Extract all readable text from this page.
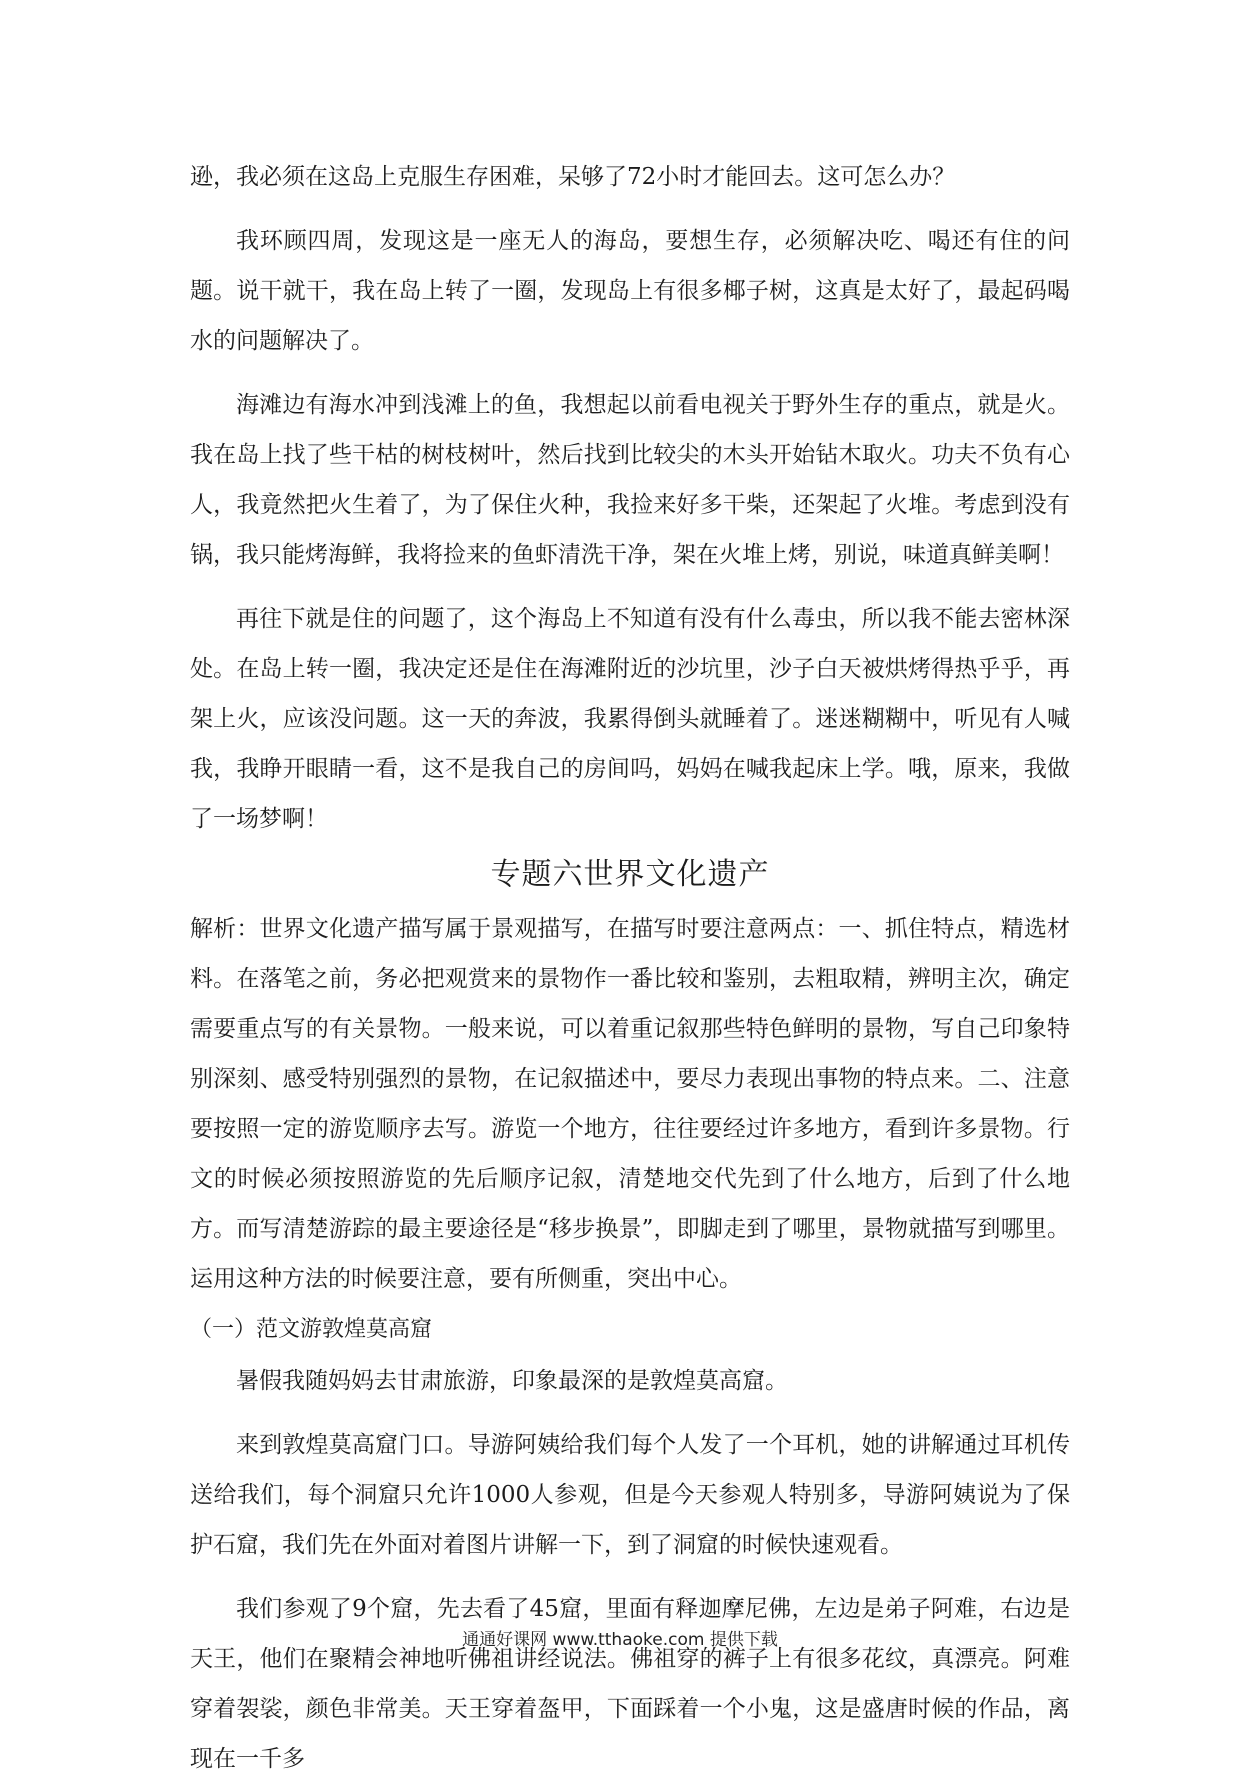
逊，我必须在这岛上克服生存困难，呆够了72小时才能回去。这可怎么办？

我环顾四周，发现这是一座无人的海岛，要想生存，必须解决吃、喝还有住的问题。说干就干，我在岛上转了一圈，发现岛上有很多椰子树，这真是太好了，最起码喝水的问题解决了。

海滩边有海水冲到浅滩上的鱼，我想起以前看电视关于野外生存的重点，就是火。我在岛上找了些干枯的树枝树叶，然后找到比较尖的木头开始钻木取火。功夫不负有心人，我竟然把火生着了，为了保住火种，我捡来好多干柴，还架起了火堆。考虑到没有锅，我只能烤海鲜，我将捡来的鱼虾清洗干净，架在火堆上烤，别说，味道真鲜美啊！

再往下就是住的问题了，这个海岛上不知道有没有什么毒虫，所以我不能去密林深处。在岛上转一圈，我决定还是住在海滩附近的沙坑里，沙子白天被烘烤得热乎乎，再架上火，应该没问题。这一天的奔波，我累得倒头就睡着了。迷迷糊糊中，听见有人喊我，我睁开眼睛一看，这不是我自己的房间吗，妈妈在喊我起床上学。哦，原来，我做了一场梦啊！

专题六世界文化遗产

解析：世界文化遗产描写属于景观描写，在描写时要注意两点：一、抓住特点，精选材料。在落笔之前，务必把观赏来的景物作一番比较和鉴别，去粗取精，辨明主次，确定需要重点写的有关景物。一般来说，可以着重记叙那些特色鲜明的景物，写自己印象特别深刻、感受特别强烈的景物，在记叙描述中，要尽力表现出事物的特点来。二、注意要按照一定的游览顺序去写。游览一个地方，往往要经过许多地方，看到许多景物。行文的时候必须按照游览的先后顺序记叙，清楚地交代先到了什么地方，后到了什么地方。而写清楚游踪的最主要途径是“移步换景”，即脚走到了哪里，景物就描写到哪里。运用这种方法的时候要注意，要有所侧重，突出中心。

（一）范文游敦煌莫高窟

暑假我随妈妈去甘肃旅游，印象最深的是敦煌莫高窟。

来到敦煌莫高窟门口。导游阿姨给我们每个人发了一个耳机，她的讲解通过耳机传送给我们，每个洞窟只允许1000人参观，但是今天参观人特别多，导游阿姨说为了保护石窟，我们先在外面对着图片讲解一下，到了洞窟的时候快速观看。

我们参观了9个窟，先去看了45窟，里面有释迦摩尼佛，左边是弟子阿难，右边是天王，他们在聚精会神地听佛祖讲经说法。佛祖穿的裤子上有很多花纹，真漂亮。阿难穿着袈裟，颜色非常美。天王穿着盔甲，下面踩着一个小鬼，这是盛唐时候的作品，离现在一千多

通通好课网 www.tthaoke.com 提供下载
